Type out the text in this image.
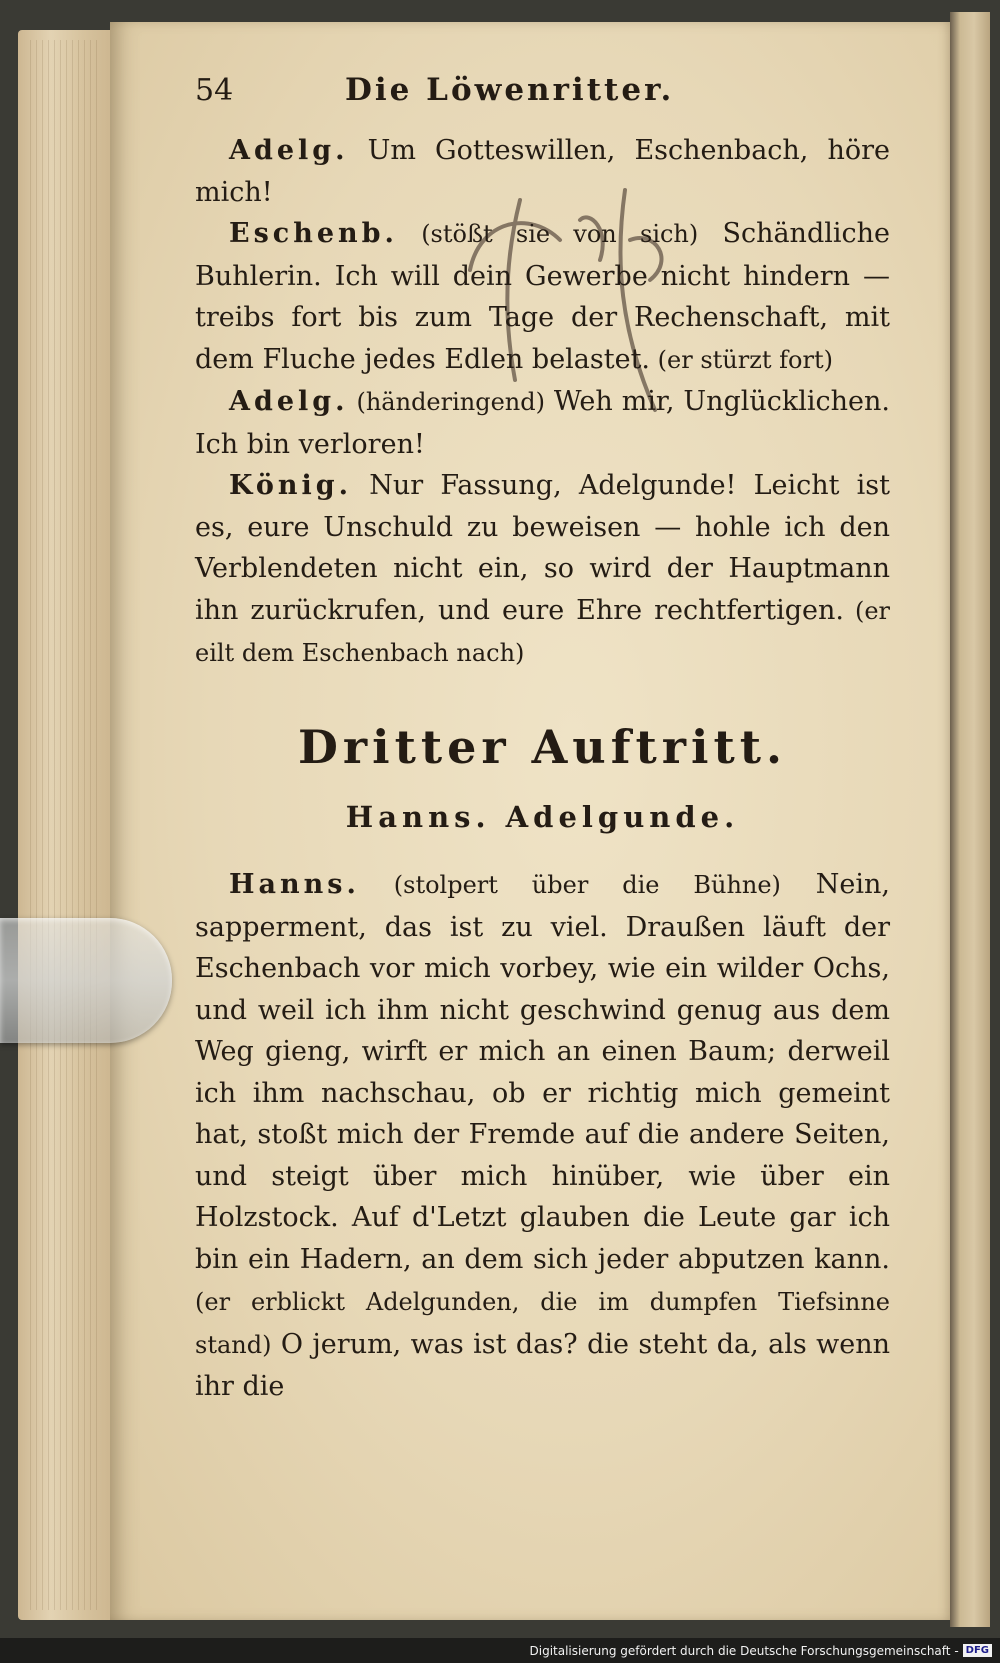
54	Die Löwenritter.

Adelg. Um Gotteswillen, Eschenbach, höre mich!

Eschenb. (stößt sie von sich) Schändliche Buhlerin. Ich will dein Gewerbe nicht hindern — treibs fort bis zum Tage der Rechenschaft, mit dem Fluche jedes Edlen belastet. (er stürzt fort)

Adelg. (händeringend) Weh mir, Unglücklichen. Ich bin verloren!

König. Nur Fassung, Adelgunde! Leicht ist es, eure Unschuld zu beweisen — hohle ich den Verblendeten nicht ein, so wird der Hauptmann ihn zurückrufen, und eure Ehre rechtfertigen. (er eilt dem Eschenbach nach)

Dritter Auftritt.
Hanns. Adelgunde.

Hanns. (stolpert über die Bühne) Nein, sapperment, das ist zu viel. Draußen läuft der Eschenbach vor mich vorbey, wie ein wilder Ochs, und weil ich ihm nicht geschwind genug aus dem Weg gieng, wirft er mich an einen Baum; derweil ich ihm nachschau, ob er richtig mich gemeint hat, stoßt mich der Fremde auf die andere Seiten, und steigt über mich hinüber, wie über ein Holzstock. Auf d'Letzt glauben die Leute gar ich bin ein Hadern, an dem sich jeder abputzen kann. (er erblickt Adelgunden, die im dumpfen Tiefsinne stand) O jerum, was ist das? die steht da, als wenn ihr die

Digitalisierung gefördert durch die Deutsche Forschungsgemeinschaft - DFG
